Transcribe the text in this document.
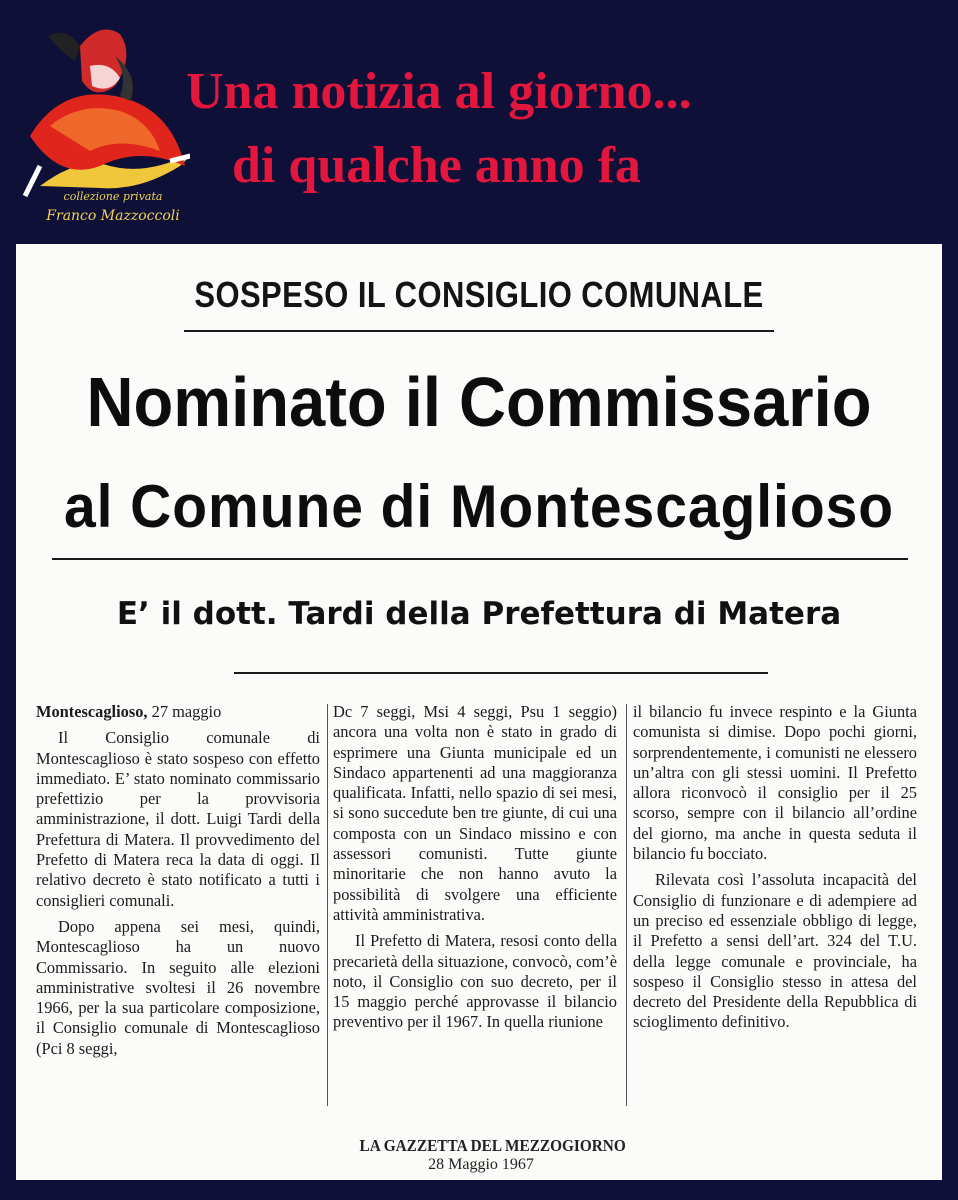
collezione privata
Franco Mazzoccoli
Una notizia al giorno...
di qualche anno fa
SOSPESO IL CONSIGLIO COMUNALE
Nominato il Commissario
al Comune di Montescaglioso
E’ il dott. Tardi della Prefettura di Matera

Montescaglioso, 27 maggio

Il Consiglio comunale di Montescaglioso è stato sospeso con effetto immediato. E’ stato nominato commissario prefettizio per la provvisoria amministrazione, il dott. Luigi Tardi della Prefettura di Matera. Il provvedimento del Prefetto di Matera reca la data di oggi. Il relativo decreto è stato notificato a tutti i consiglieri comunali.

Dopo appena sei mesi, quindi, Montescaglioso ha un nuovo Commissario. In seguito alle elezioni amministrative svoltesi il 26 novembre 1966, per la sua particolare composizione, il Consiglio comunale di Montescaglioso (Pci 8 seggi,

Dc 7 seggi, Msi 4 seggi, Psu 1 seggio) ancora una volta non è stato in grado di esprimere una Giunta municipale ed un Sindaco appartenenti ad una maggioranza qualificata. Infatti, nello spazio di sei mesi, si sono succedute ben tre giunte, di cui una composta con un Sindaco missino e con assessori comunisti. Tutte giunte minoritarie che non hanno avuto la possibilità di svolgere una efficiente attività amministrativa.

Il Prefetto di Matera, resosi conto della precarietà della situazione, convocò, com’è noto, il Consiglio con suo decreto, per il 15 maggio perché approvasse il bilancio preventivo per il 1967. In quella riunione

il bilancio fu invece respinto e la Giunta comunista si dimise. Dopo pochi giorni, sorprendentemente, i comunisti ne elessero un’altra con gli stessi uomini. Il Prefetto allora riconvocò il consiglio per il 25 scorso, sempre con il bilancio all’ordine del giorno, ma anche in questa seduta il bilancio fu bocciato.

Rilevata così l’assoluta incapacità del Consiglio di funzionare e di adempiere ad un preciso ed essenziale obbligo di legge, il Prefetto a sensi dell’art. 324 del T.U. della legge comunale e provinciale, ha sospeso il Consiglio stesso in attesa del decreto del Presidente della Repubblica di scioglimento definitivo.

LA GAZZETTA DEL MEZZOGIORNO
28 Maggio 1967
